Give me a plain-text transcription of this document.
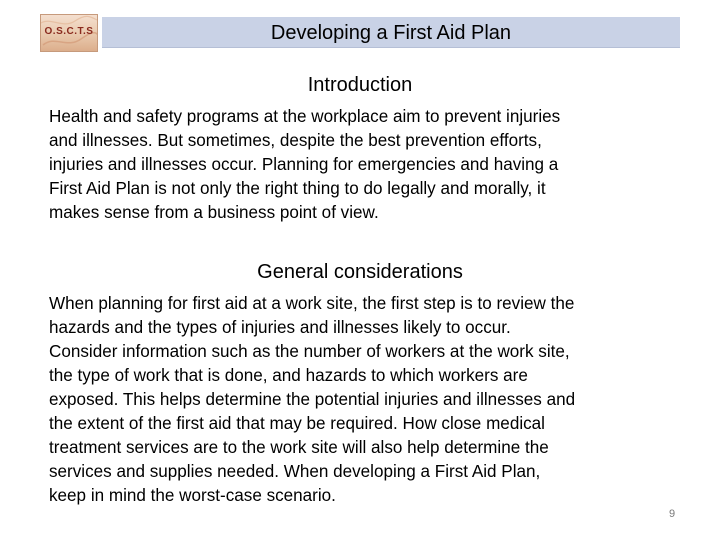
O.S.C.T.S	Developing a First Aid Plan
Introduction

Health and safety programs at the workplace aim to prevent injuries
and illnesses. But sometimes, despite the best prevention efforts,
injuries and illnesses occur. Planning for emergencies and having a
First Aid Plan is not only the right thing to do legally and morally, it
makes sense from a business point of view.

General considerations

When planning for first aid at a work site, the first step is to review the
hazards and the types of injuries and illnesses likely to occur.
Consider information such as the number of workers at the work site,
the type of work that is done, and hazards to which workers are
exposed. This helps determine the potential injuries and illnesses and
the extent of the first aid that may be required. How close medical
treatment services are to the work site will also help determine the
services and supplies needed. When developing a First Aid Plan,
keep in mind the worst-case scenario.

9
